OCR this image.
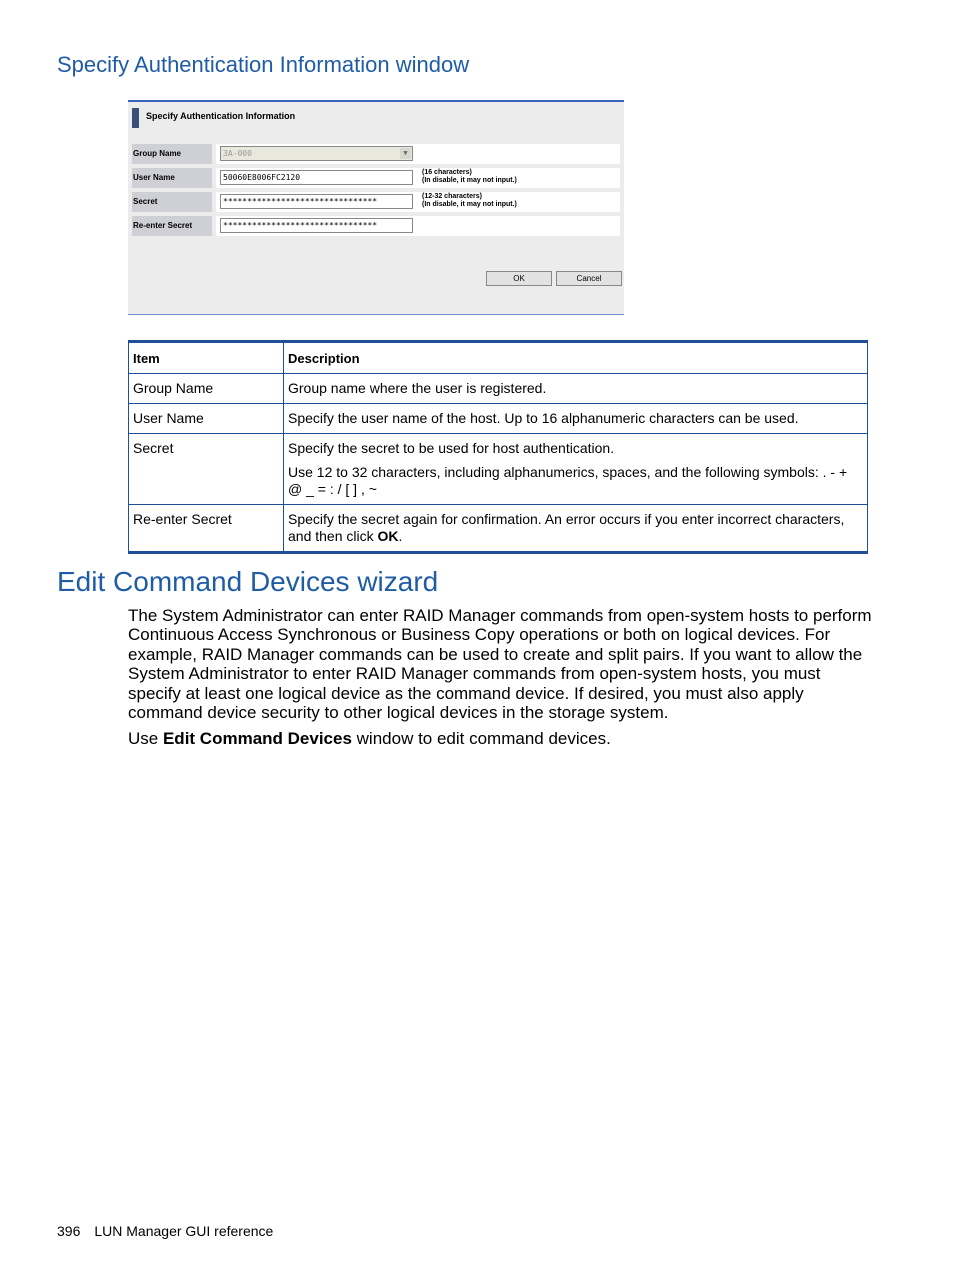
Specify Authentication Information window
Specify Authentication Information
Group Name	3A-000	▼
User Name	50060E8006FC2120
(16 characters)
(In disable, it may not input.)
Secret	********************************
(12-32 characters)
(In disable, it may not input.)
Re-enter Secret	********************************
OK	Cancel
Item	Description
Group Name	Group name where the user is registered.

User Name	Specify the user name of the host. Up to 16 alphanumeric characters can be used.

Secret	Specify the secret to be used for host authentication.

Use 12 to 32 characters, including alphanumerics, spaces, and the following symbols: . - + @ _ = : / [ ] , ~

Re-enter Secret	Specify the secret again for confirmation. An error occurs if you enter incorrect characters, and then click OK.

Edit Command Devices wizard

The System Administrator can enter RAID Manager commands from open-system hosts to perform Continuous Access Synchronous or Business Copy operations or both on logical devices. For example, RAID Manager commands can be used to create and split pairs. If you want to allow the System Administrator to enter RAID Manager commands from open-system hosts, you must specify at least one logical device as the command device. If desired, you must also apply command device security to other logical devices in the storage system.

Use Edit Command Devices window to edit command devices.

396 LUN Manager GUI reference
